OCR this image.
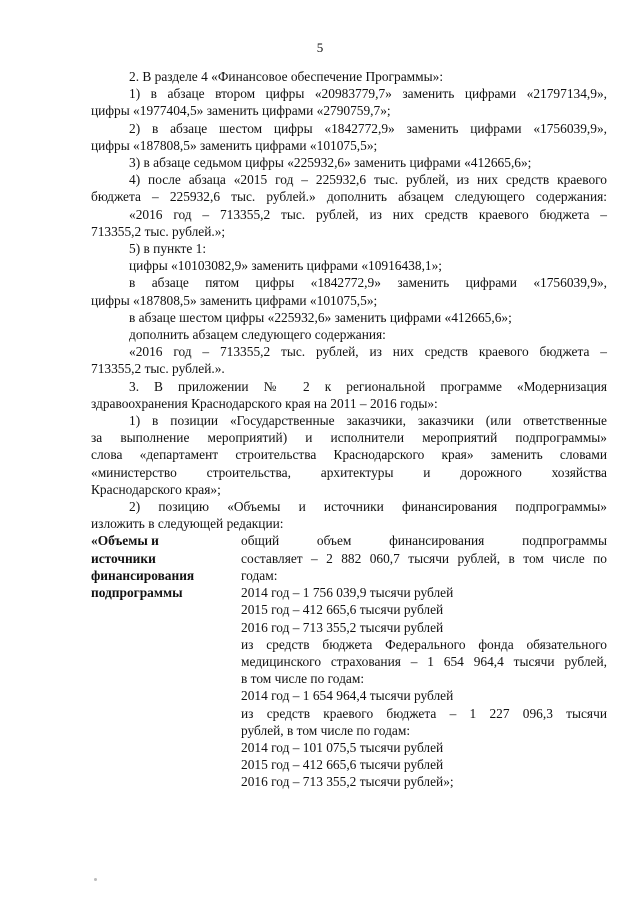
5
2. В разделе 4 «Финансовое обеспечение Программы»:
1) в абзаце втором цифры «20983779,7» заменить цифрами «21797134,9»,
цифры «1977404,5» заменить цифрами «2790759,7»;
2) в абзаце шестом цифры «1842772,9» заменить цифрами «1756039,9»,
цифры «187808,5» заменить цифрами «101075,5»;
3) в абзаце седьмом цифры «225932,6» заменить цифрами «412665,6»;
4) после абзаца «2015 год – 225932,6 тыс. рублей, из них средств краевого
бюджета – 225932,6 тыс. рублей.» дополнить абзацем следующего содержания:
«2016 год – 713355,2 тыс. рублей, из них средств краевого бюджета –
713355,2 тыс. рублей.»;
5) в пункте 1:
цифры «10103082,9» заменить цифрами «10916438,1»;
в абзаце пятом цифры «1842772,9» заменить цифрами «1756039,9»,
цифры «187808,5» заменить цифрами «101075,5»;
в абзаце шестом цифры «225932,6» заменить цифрами «412665,6»;
дополнить абзацем следующего содержания:
«2016 год – 713355,2 тыс. рублей, из них средств краевого бюджета –
713355,2 тыс. рублей.».
3. В приложении № 2 к региональной программе «Модернизация
здравоохранения Краснодарского края на 2011 – 2016 годы»:
1) в позиции «Государственные заказчики, заказчики (или ответственные
за выполнение мероприятий) и исполнители мероприятий подпрограммы»
слова «департамент строительства Краснодарского края» заменить словами
«министерство строительства, архитектуры и дорожного хозяйства
Краснодарского края»;
2) позицию «Объемы и источники финансирования подпрограммы»
изложить в следующей редакции:
«Объемы и
источники
финансирования
подпрограммы
общий объем финансирования подпрограммы
составляет – 2 882 060,7 тысячи рублей, в том числе по
годам:
2014 год – 1 756 039,9 тысячи рублей
2015 год – 412 665,6 тысячи рублей
2016 год – 713 355,2 тысячи рублей
из средств бюджета Федерального фонда обязательного
медицинского страхования – 1 654 964,4 тысячи рублей,
в том числе по годам:
2014 год – 1 654 964,4 тысячи рублей
из средств краевого бюджета – 1 227 096,3 тысячи
рублей, в том числе по годам:
2014 год – 101 075,5 тысячи рублей
2015 год – 412 665,6 тысячи рублей
2016 год – 713 355,2 тысячи рублей»;
